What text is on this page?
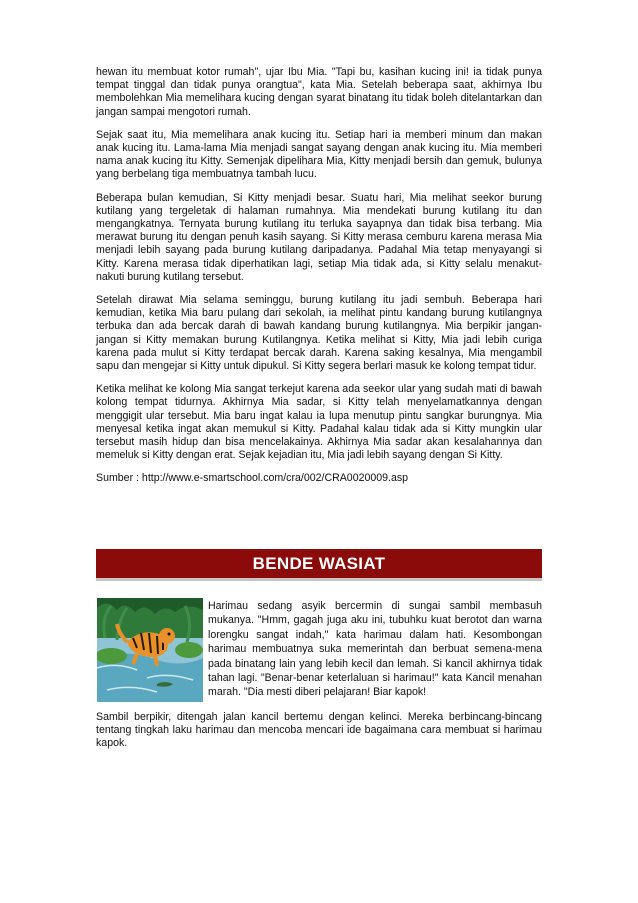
hewan itu membuat kotor rumah", ujar Ibu Mia. "Tapi bu, kasihan kucing ini! ia tidak punya tempat tinggal dan tidak punya orangtua", kata Mia. Setelah beberapa saat, akhirnya Ibu membolehkan Mia memelihara kucing dengan syarat binatang itu tidak boleh ditelantarkan dan jangan sampai mengotori rumah.

Sejak saat itu, Mia memelihara anak kucing itu. Setiap hari ia memberi minum dan makan anak kucing itu. Lama-lama Mia menjadi sangat sayang dengan anak kucing itu. Mia memberi nama anak kucing itu Kitty. Semenjak dipelihara Mia, Kitty menjadi bersih dan gemuk, bulunya yang berbelang tiga membuatnya tambah lucu.

Beberapa bulan kemudian, Si Kitty menjadi besar. Suatu hari, Mia melihat seekor burung kutilang yang tergeletak di halaman rumahnya. Mia mendekati burung kutilang itu dan mengangkatnya. Ternyata burung kutilang itu terluka sayapnya dan tidak bisa terbang. Mia merawat burung itu dengan penuh kasih sayang. Si Kitty merasa cemburu karena merasa Mia menjadi lebih sayang pada burung kutilang daripadanya. Padahal Mia tetap menyayangi si Kitty. Karena merasa tidak diperhatikan lagi, setiap Mia tidak ada, si Kitty selalu menakut-nakuti burung kutilang tersebut.

Setelah dirawat Mia selama seminggu, burung kutilang itu jadi sembuh. Beberapa hari kemudian, ketika Mia baru pulang dari sekolah, ia melihat pintu kandang burung kutilangnya terbuka dan ada bercak darah di bawah kandang burung kutilangnya. Mia berpikir jangan-jangan si Kitty memakan burung Kutilangnya. Ketika melihat si Kitty, Mia jadi lebih curiga karena pada mulut si Kitty terdapat bercak darah. Karena saking kesalnya, Mia mengambil sapu dan mengejar si Kitty untuk dipukul. Si Kitty segera berlari masuk ke kolong tempat tidur.

Ketika melihat ke kolong Mia sangat terkejut karena ada seekor ular yang sudah mati di bawah kolong tempat tidurnya. Akhirnya Mia sadar, si Kitty telah menyelamatkannya dengan menggigit ular tersebut. Mia baru ingat kalau ia lupa menutup pintu sangkar burungnya. Mia menyesal ketika ingat akan memukul si Kitty. Padahal kalau tidak ada si Kitty mungkin ular tersebut masih hidup dan bisa mencelakainya. Akhirnya Mia sadar akan kesalahannya dan memeluk si Kitty dengan erat. Sejak kejadian itu, Mia jadi lebih sayang dengan Si Kitty.

Sumber : http://www.e-smartschool.com/cra/002/CRA0020009.asp

BENDE WASIAT

Harimau sedang asyik bercermin di sungai sambil membasuh mukanya. "Hmm, gagah juga aku ini, tubuhku kuat berotot dan warna lorengku sangat indah," kata harimau dalam hati. Kesombongan harimau membuatnya suka memerintah dan berbuat semena-mena pada binatang lain yang lebih kecil dan lemah. Si kancil akhirnya tidak tahan lagi. "Benar-benar keterlaluan si harimau!" kata Kancil menahan marah. "Dia mesti diberi pelajaran! Biar kapok!

Sambil berpikir, ditengah jalan kancil bertemu dengan kelinci. Mereka berbincang-bincang tentang tingkah laku harimau dan mencoba mencari ide bagaimana cara membuat si harimau kapok.
